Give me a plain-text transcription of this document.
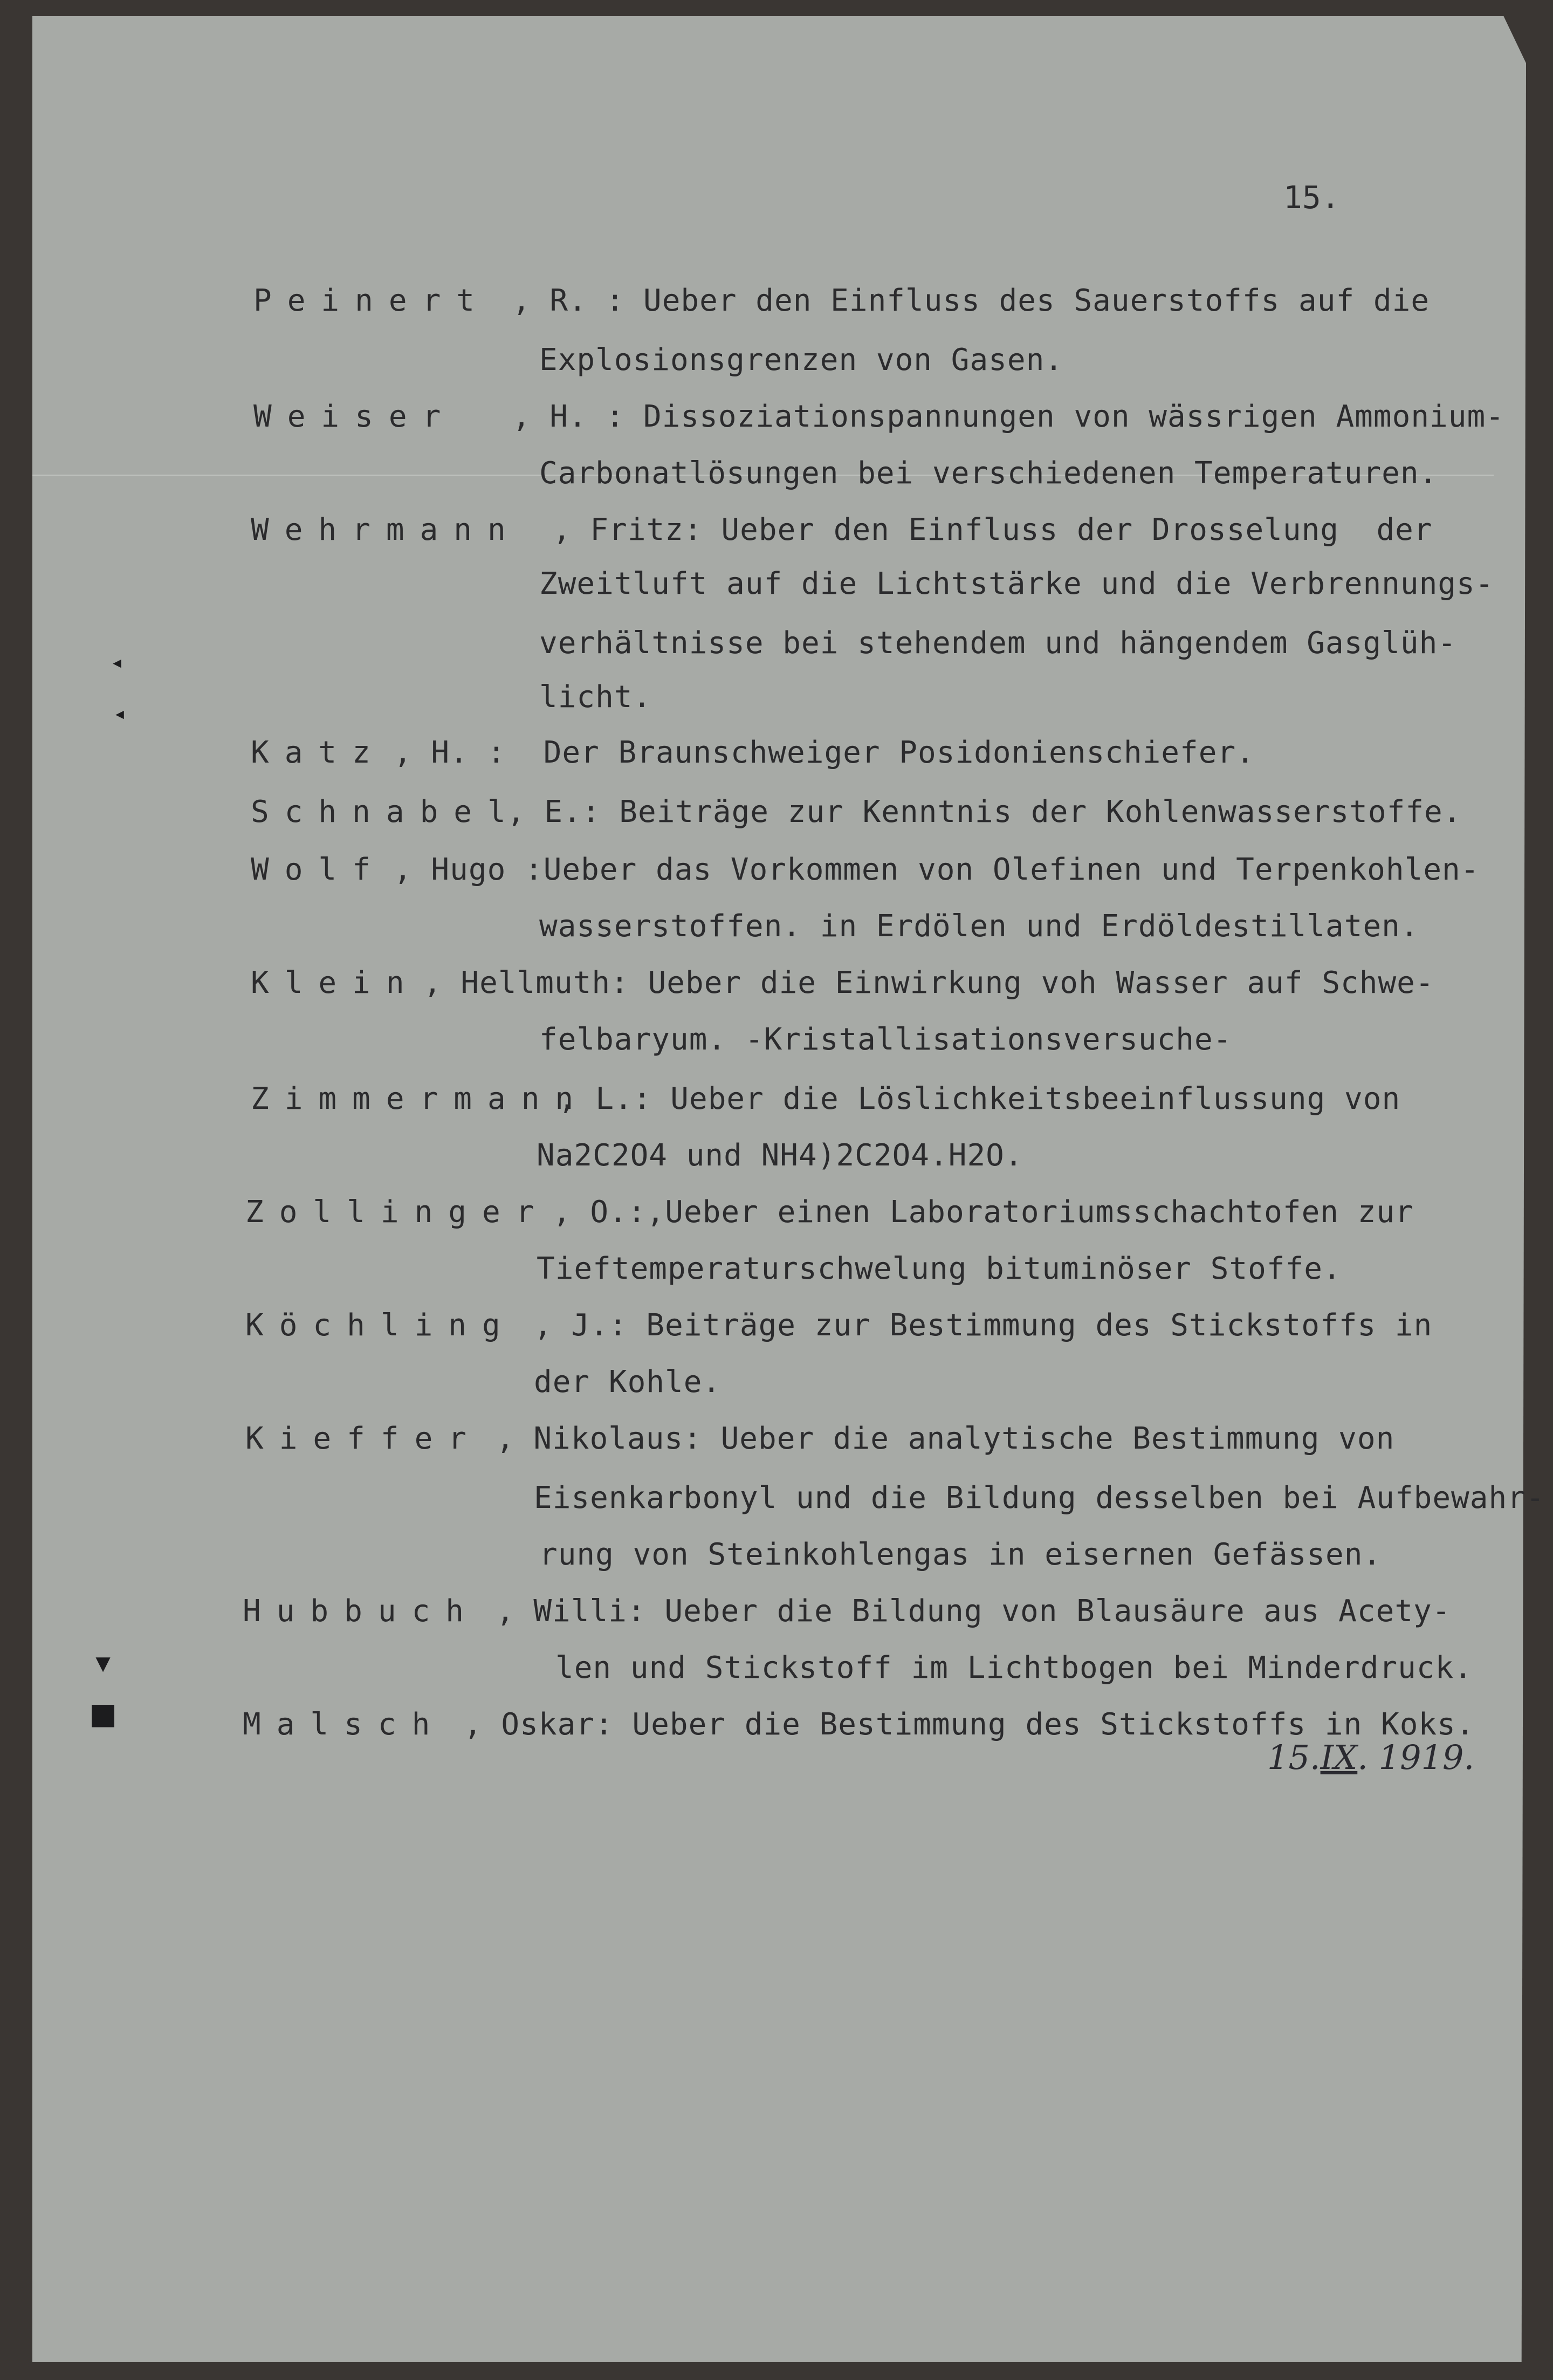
15.

◂
◂
▾
■

Peinert , R. : Ueber den Einfluss des Sauerstoffs auf die

Explosionsgrenzen von Gasen.

Weiser , H. : Dissoziationspannungen von wässrigen Ammonium-

Carbonatlösungen bei verschiedenen Temperaturen.

Wehrmann , Fritz: Ueber den Einfluss der Drosselung  der

Zweitluft auf die Lichtstärke und die Verbrennungs-

verhältnisse bei stehendem und hängendem Gasglüh-

licht.

Katz , H. :  Der Braunschweiger Posidonienschiefer.

Schnabel

, E.: Beiträge zur Kenntnis der Kohlenwasserstoffe.

Wolf , Hugo :Ueber das Vorkommen von Olefinen und Terpenkohlen-

wasserstoffen. in Erdölen und Erdöldestillaten.

Klein , Hellmuth: Ueber die Einwirkung voh Wasser auf Schwe-

felbaryum. -Kristallisationsversuche-

Zimmermann

, L.: Ueber die Löslichkeitsbeeinflussung von

Na2C2O4 und NH4)2C2O4.H2O.

Zollinger , O.:,Ueber einen Laboratoriumsschachtofen zur

Tieftemperaturschwelung bituminöser Stoffe.

Köchling , J.: Beiträge zur Bestimmung des Stickstoffs in

der Kohle.

Kieffer , Nikolaus: Ueber die analytische Bestimmung von

Eisenkarbonyl und die Bildung desselben bei Aufbewahr-

rung von Steinkohlengas in eisernen Gefässen.

Hubbuch , Willi: Ueber die Bildung von Blausäure aus Acety-

len und Stickstoff im Lichtbogen bei Minderdruck.

Malsch , Oskar: Ueber die Bestimmung des Stickstoffs in Koks.

15.IX. 1919.
